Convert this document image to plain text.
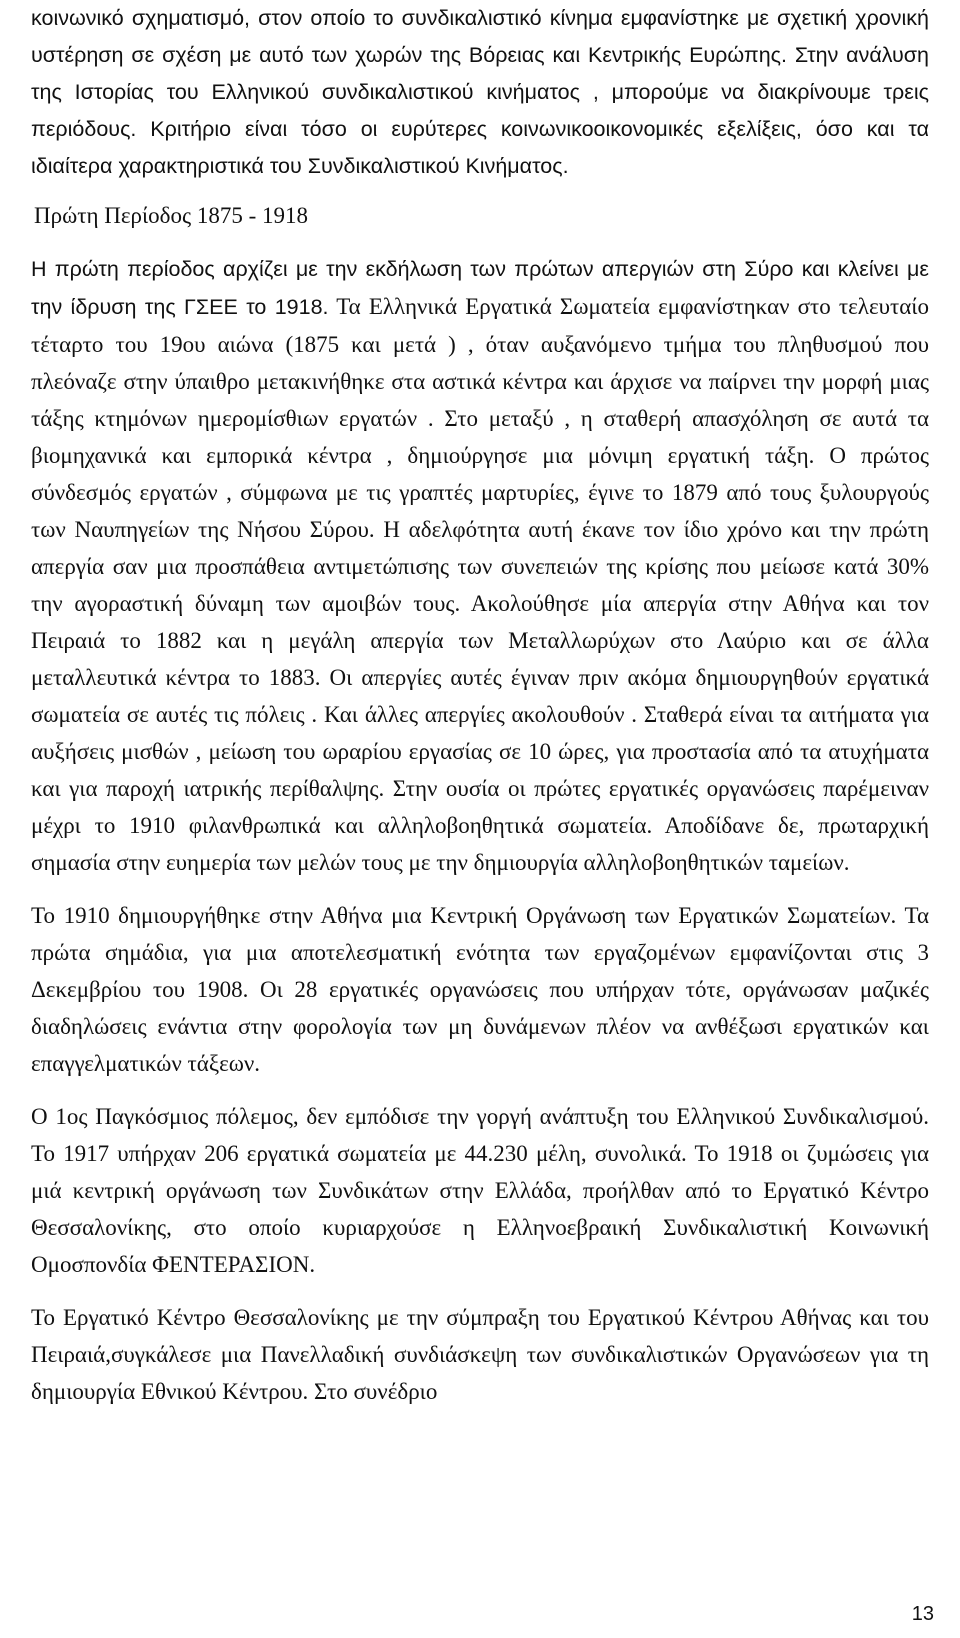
κοινωνικό σχηματισμό, στον οποίο το συνδικαλιστικό κίνημα εμφανίστηκε με σχετική χρονική υστέρηση σε σχέση με αυτό των χωρών της Βόρειας και Κεντρικής Ευρώπης. Στην ανάλυση της Ιστορίας του Ελληνικού συνδικαλιστικού κινήματος , μπορούμε να διακρίνουμε τρεις περιόδους. Κριτήριο είναι τόσο οι ευρύτερες κοινωνικοοικονομικές εξελίξεις, όσο και τα ιδιαίτερα χαρακτηριστικά του Συνδικαλιστικού Κινήματος.

Πρώτη Περίοδος 1875 - 1918

Η πρώτη περίοδος αρχίζει με την εκδήλωση των πρώτων απεργιών στη Σύρο και κλείνει με την ίδρυση της ΓΣΕΕ το 1918. Τα Ελληνικά Εργατικά Σωματεία εμφανίστηκαν στο τελευταίο τέταρτο του 19ου αιώνα (1875 και μετά ) , όταν αυξανόμενο τμήμα του πληθυσμού που πλεόναζε στην ύπαιθρο μετακινήθηκε στα αστικά κέντρα και άρχισε να παίρνει την μορφή μιας τάξης κτημόνων ημερομίσθιων εργατών . Στο μεταξύ , η σταθερή απασχόληση σε αυτά τα βιομηχανικά και εμπορικά κέντρα , δημιούργησε μια μόνιμη εργατική τάξη. Ο πρώτος σύνδεσμός εργατών , σύμφωνα με τις γραπτές μαρτυρίες, έγινε το 1879 από τους ξυλουργούς των Ναυπηγείων της Νήσου Σύρου. Η αδελφότητα αυτή έκανε τον ίδιο χρόνο και την πρώτη απεργία σαν μια προσπάθεια αντιμετώπισης των συνεπειών της κρίσης που μείωσε κατά 30% την αγοραστική δύναμη των αμοιβών τους. Ακολούθησε μία απεργία στην Αθήνα και τον Πειραιά το 1882 και η μεγάλη απεργία των Μεταλλωρύχων στο Λαύριο και σε άλλα μεταλλευτικά κέντρα το 1883. Οι απεργίες αυτές έγιναν πριν ακόμα δημιουργηθούν εργατικά σωματεία σε αυτές τις πόλεις . Και άλλες απεργίες ακολουθούν . Σταθερά είναι τα αιτήματα για αυξήσεις μισθών , μείωση του ωραρίου εργασίας σε 10 ώρες, για προστασία από τα ατυχήματα και για παροχή ιατρικής περίθαλψης. Στην ουσία οι πρώτες εργατικές οργανώσεις παρέμειναν μέχρι το 1910 φιλανθρωπικά και αλληλοβοηθητικά σωματεία. Αποδίδανε δε, πρωταρχική σημασία στην ευημερία των μελών τους με την δημιουργία αλληλοβοηθητικών ταμείων.

Το 1910 δημιουργήθηκε στην Αθήνα μια Κεντρική Οργάνωση των Εργατικών Σωματείων. Τα πρώτα σημάδια, για μια αποτελεσματική ενότητα των εργαζομένων εμφανίζονται στις 3 Δεκεμβρίου του 1908. Οι 28 εργατικές οργανώσεις που υπήρχαν τότε, οργάνωσαν μαζικές διαδηλώσεις ενάντια στην φορολογία των μη δυνάμενων πλέον να ανθέξωσι εργατικών και επαγγελματικών τάξεων.

Ο 1ος Παγκόσμιος πόλεμος, δεν εμπόδισε την γοργή ανάπτυξη του Ελληνικού Συνδικαλισμού. Το 1917 υπήρχαν 206 εργατικά σωματεία με 44.230 μέλη, συνολικά. Το 1918 οι ζυμώσεις για μιά κεντρική οργάνωση των Συνδικάτων στην Ελλάδα, προήλθαν από το Εργατικό Κέντρο Θεσσαλονίκης, στο οποίο κυριαρχούσε η Ελληνοεβραική Συνδικαλιστική Κοινωνική Ομοσπονδία ΦΕΝΤΕΡΑΣΙΟΝ.

Το Εργατικό Κέντρο Θεσσαλονίκης με την σύμπραξη του Εργατικού Κέντρου Αθήνας και του Πειραιά,συγκάλεσε μια Πανελλαδική συνδιάσκεψη των συνδικαλιστικών Οργανώσεων για τη δημιουργία Εθνικού Κέντρου. Στο συνέδριο

13
